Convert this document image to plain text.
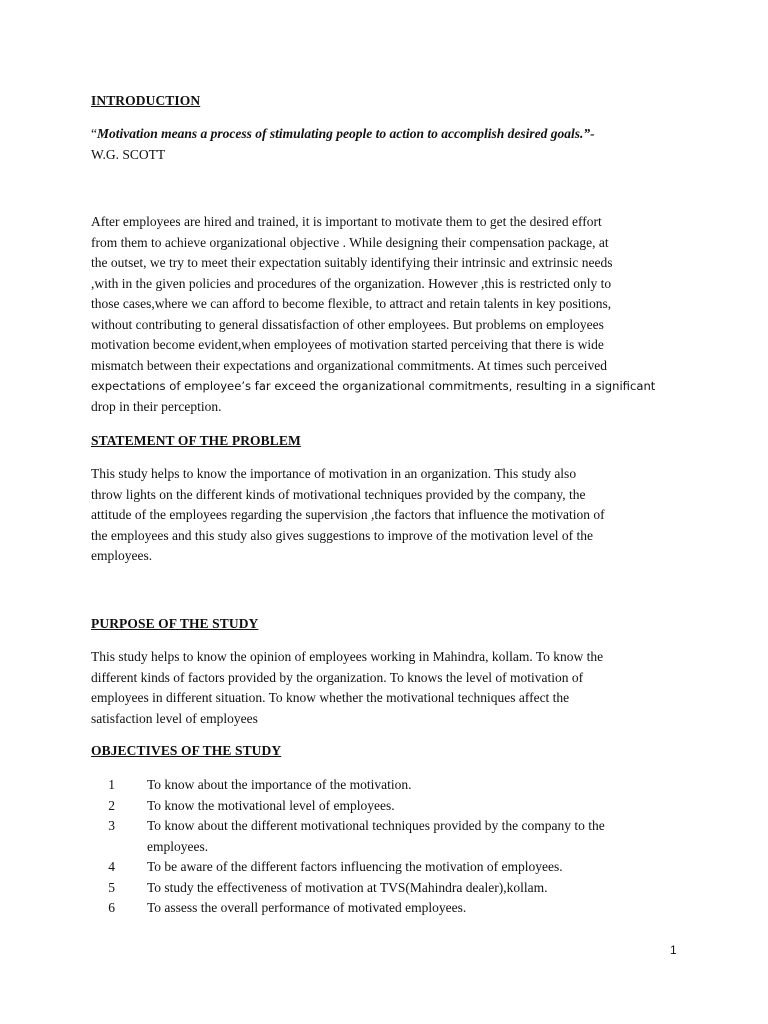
INTRODUCTION
“Motivation means a process of stimulating people to action to accomplish desired goals.”-
W.G. SCOTT
After employees are hired and trained, it is important to motivate them to get the desired effort
from them to achieve organizational objective . While designing their compensation package, at
the outset, we try to meet their expectation suitably identifying their intrinsic and extrinsic needs
,with in the given policies and procedures of the organization. However ,this is restricted only to
those cases,where we can afford to become flexible, to attract and retain talents in key positions,
without contributing to general dissatisfaction of other employees. But problems on employees
motivation become evident,when employees of motivation started perceiving that there is wide
mismatch between their expectations and organizational commitments. At times such perceived
expectations of employee’s far exceed the organizational commitments, resulting in a significant
drop in their perception.
STATEMENT OF THE PROBLEM
This study helps to know the importance of motivation in an organization. This study also
throw lights on the different kinds of motivational techniques provided by the company, the
attitude of the employees regarding the supervision ,the factors that influence the motivation of
the employees and this study also gives suggestions to improve of the motivation level of the
employees.
PURPOSE OF THE STUDY
This study helps to know the opinion of employees working in Mahindra, kollam. To know the
different kinds of factors provided by the organization. To knows the level of motivation of
employees in different situation. To know whether the motivational techniques affect the
satisfaction level of employees
OBJECTIVES OF THE STUDY
1 To know about the importance of the motivation.
2 To know the motivational level of employees.
3 To know about the different motivational techniques provided by the company to the
employees.
4 To be aware of the different factors influencing the motivation of employees.
5 To study the effectiveness of motivation at TVS(Mahindra dealer),kollam.
6 To assess the overall performance of motivated employees.
1
